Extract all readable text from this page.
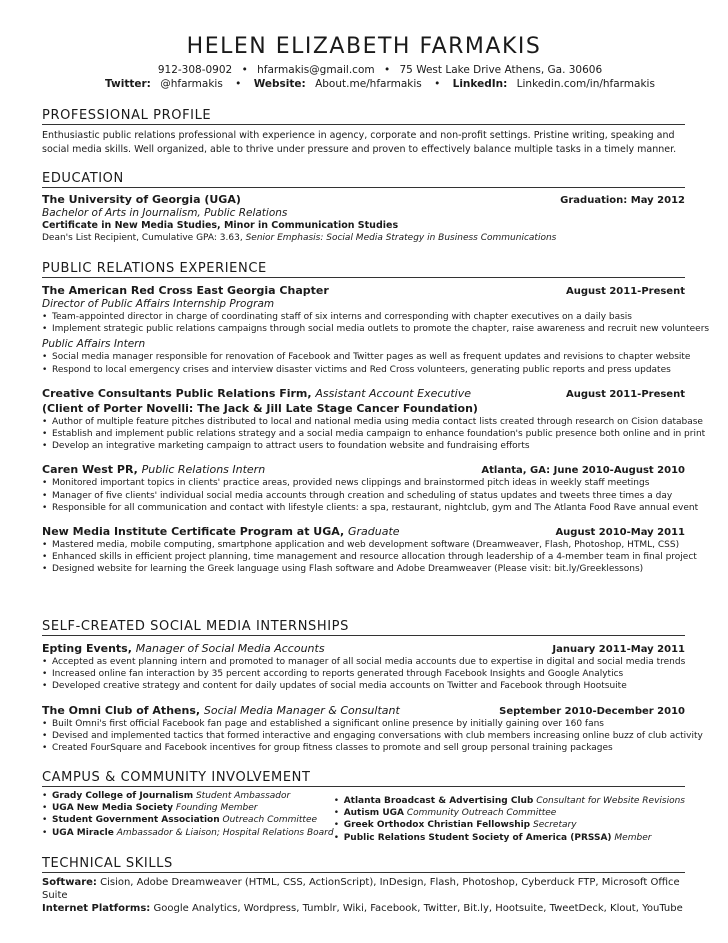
HELEN ELIZABETH FARMAKIS
912-308-0902 • hfarmakis@gmail.com • 75 West Lake Drive Athens, Ga. 30606
Twitter: @hfarmakis • Website: About.me/hfarmakis • LinkedIn: Linkedin.com/in/hfarmakis
PROFESSIONAL PROFILE
Enthusiastic public relations professional with experience in agency, corporate and non-profit settings. Pristine writing, speaking and social media skills. Well organized, able to thrive under pressure and proven to effectively balance multiple tasks in a timely manner.
EDUCATION
The University of Georgia (UGA)	Graduation: May 2012
Bachelor of Arts in Journalism, Public Relations
Certificate in New Media Studies, Minor in Communication Studies
Dean's List Recipient, Cumulative GPA: 3.63, Senior Emphasis: Social Media Strategy in Business Communications
PUBLIC RELATIONS EXPERIENCE
The American Red Cross East Georgia Chapter	August 2011-Present
Director of Public Affairs Internship Program
• Team-appointed director in charge of coordinating staff of six interns and corresponding with chapter executives on a daily basis
• Implement strategic public relations campaigns through social media outlets to promote the chapter, raise awareness and recruit new volunteers
Public Affairs Intern
• Social media manager responsible for renovation of Facebook and Twitter pages as well as frequent updates and revisions to chapter website
• Respond to local emergency crises and interview disaster victims and Red Cross volunteers, generating public reports and press updates
Creative Consultants Public Relations Firm, Assistant Account Executive	August 2011-Present
(Client of Porter Novelli: The Jack & Jill Late Stage Cancer Foundation)
• Author of multiple feature pitches distributed to local and national media using media contact lists created through research on Cision database
• Establish and implement public relations strategy and a social media campaign to enhance foundation's public presence both online and in print
• Develop an integrative marketing campaign to attract users to foundation website and fundraising efforts
Caren West PR, Public Relations Intern	Atlanta, GA: June 2010-August 2010
• Monitored important topics in clients' practice areas, provided news clippings and brainstormed pitch ideas in weekly staff meetings
• Manager of five clients' individual social media accounts through creation and scheduling of status updates and tweets three times a day
• Responsible for all communication and contact with lifestyle clients: a spa, restaurant, nightclub, gym and The Atlanta Food Rave annual event
New Media Institute Certificate Program at UGA, Graduate	August 2010-May 2011
• Mastered media, mobile computing, smartphone application and web development software (Dreamweaver, Flash, Photoshop, HTML, CSS)
• Enhanced skills in efficient project planning, time management and resource allocation through leadership of a 4-member team in final project
• Designed website for learning the Greek language using Flash software and Adobe Dreamweaver (Please visit: bit.ly/Greeklessons)
SELF-CREATED SOCIAL MEDIA INTERNSHIPS
Epting Events, Manager of Social Media Accounts	January 2011-May 2011
• Accepted as event planning intern and promoted to manager of all social media accounts due to expertise in digital and social media trends
• Increased online fan interaction by 35 percent according to reports generated through Facebook Insights and Google Analytics
• Developed creative strategy and content for daily updates of social media accounts on Twitter and Facebook through Hootsuite
The Omni Club of Athens, Social Media Manager & Consultant	September 2010-December 2010
• Built Omni's first official Facebook fan page and established a significant online presence by initially gaining over 160 fans
• Devised and implemented tactics that formed interactive and engaging conversations with club members increasing online buzz of club activity
• Created FourSquare and Facebook incentives for group fitness classes to promote and sell group personal training packages
CAMPUS & COMMUNITY INVOLVEMENT
• Grady College of Journalism Student Ambassador
• UGA New Media Society Founding Member
• Student Government Association Outreach Committee
• UGA Miracle Ambassador & Liaison; Hospital Relations Board
• Atlanta Broadcast & Advertising Club Consultant for Website Revisions
• Autism UGA Community Outreach Committee
• Greek Orthodox Christian Fellowship Secretary
• Public Relations Student Society of America (PRSSA) Member
TECHNICAL SKILLS
Software: Cision, Adobe Dreamweaver (HTML, CSS, ActionScript), InDesign, Flash, Photoshop, Cyberduck FTP, Microsoft Office Suite
Internet Platforms: Google Analytics, Wordpress, Tumblr, Wiki, Facebook, Twitter, Bit.ly, Hootsuite, TweetDeck, Klout, YouTube
